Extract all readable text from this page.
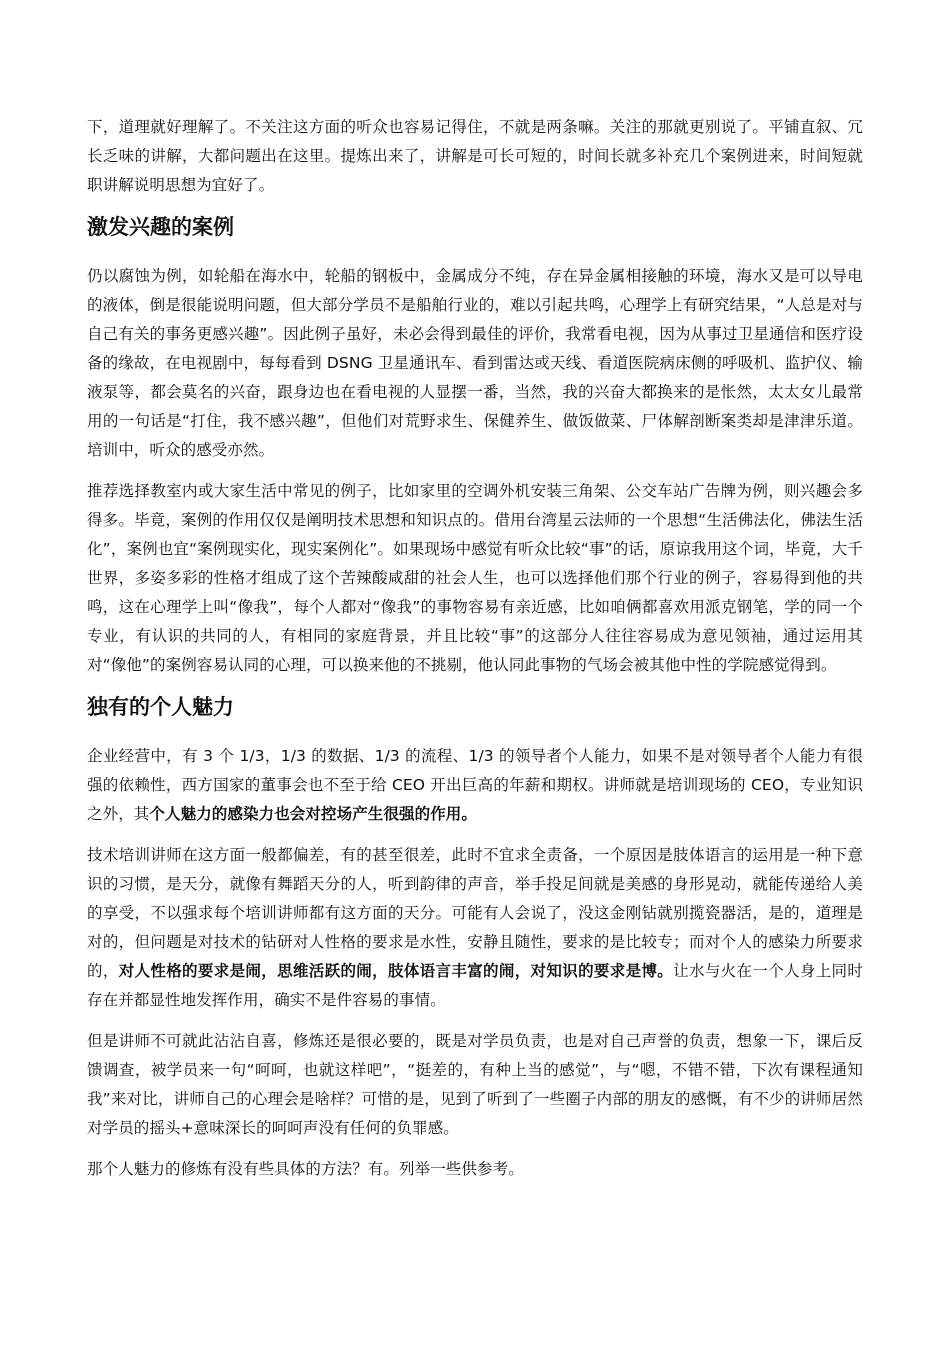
下，道理就好理解了。不关注这方面的听众也容易记得住，不就是两条嘛。关注的那就更别说了。平铺直叙、冗长乏味的讲解，大都问题出在这里。提炼出来了，讲解是可长可短的，时间长就多补充几个案例进来，时间短就职讲解说明思想为宜好了。

激发兴趣的案例

仍以腐蚀为例，如轮船在海水中，轮船的钢板中，金属成分不纯，存在异金属相接触的环境，海水又是可以导电的液体，倒是很能说明问题，但大部分学员不是船舶行业的，难以引起共鸣，心理学上有研究结果，“人总是对与自己有关的事务更感兴趣”。因此例子虽好，未必会得到最佳的评价，我常看电视，因为从事过卫星通信和医疗设备的缘故，在电视剧中，每每看到 DSNG 卫星通讯车、看到雷达或天线、看道医院病床侧的呼吸机、监护仪、输液泵等，都会莫名的兴奋，跟身边也在看电视的人显摆一番，当然，我的兴奋大都换来的是怅然，太太女儿最常用的一句话是“打住，我不感兴趣”，但他们对荒野求生、保健养生、做饭做菜、尸体解剖断案类却是津津乐道。培训中，听众的感受亦然。

推荐选择教室内或大家生活中常见的例子，比如家里的空调外机安装三角架、公交车站广告牌为例，则兴趣会多得多。毕竟，案例的作用仅仅是阐明技术思想和知识点的。借用台湾星云法师的一个思想“生活佛法化，佛法生活化”，案例也宜“案例现实化，现实案例化”。如果现场中感觉有听众比较“事”的话，原谅我用这个词，毕竟，大千世界，多姿多彩的性格才组成了这个苦辣酸咸甜的社会人生，也可以选择他们那个行业的例子，容易得到他的共鸣，这在心理学上叫“像我”，每个人都对“像我”的事物容易有亲近感，比如咱俩都喜欢用派克钢笔，学的同一个专业，有认识的共同的人，有相同的家庭背景，并且比较“事”的这部分人往往容易成为意见领袖，通过运用其对“像他”的案例容易认同的心理，可以换来他的不挑剔，他认同此事物的气场会被其他中性的学院感觉得到。

独有的个人魅力

企业经营中，有 3 个 1/3，1/3 的数据、1/3 的流程、1/3 的领导者个人能力，如果不是对领导者个人能力有很强的依赖性，西方国家的董事会也不至于给 CEO 开出巨高的年薪和期权。讲师就是培训现场的 CEO，专业知识之外，其个人魅力的感染力也会对控场产生很强的作用。

技术培训讲师在这方面一般都偏差，有的甚至很差，此时不宜求全责备，一个原因是肢体语言的运用是一种下意识的习惯，是天分，就像有舞蹈天分的人，听到韵律的声音，举手投足间就是美感的身形晃动，就能传递给人美的享受，不以强求每个培训讲师都有这方面的天分。可能有人会说了，没这金刚钻就别揽瓷器活，是的，道理是对的，但问题是对技术的钻研对人性格的要求是水性，安静且随性，要求的是比较专；而对个人的感染力所要求的，对人性格的要求是闹，思维活跃的闹，肢体语言丰富的闹，对知识的要求是博。让水与火在一个人身上同时存在并都显性地发挥作用，确实不是件容易的事情。

但是讲师不可就此沾沾自喜，修炼还是很必要的，既是对学员负责，也是对自己声誉的负责，想象一下，课后反馈调查，被学员来一句“呵呵，也就这样吧”，“挺差的，有种上当的感觉”，与“嗯，不错不错，下次有课程通知我”来对比，讲师自己的心理会是啥样？可惜的是，见到了听到了一些圈子内部的朋友的感慨，有不少的讲师居然对学员的摇头+意味深长的呵呵声没有任何的负罪感。

那个人魅力的修炼有没有些具体的方法？有。列举一些供参考。
